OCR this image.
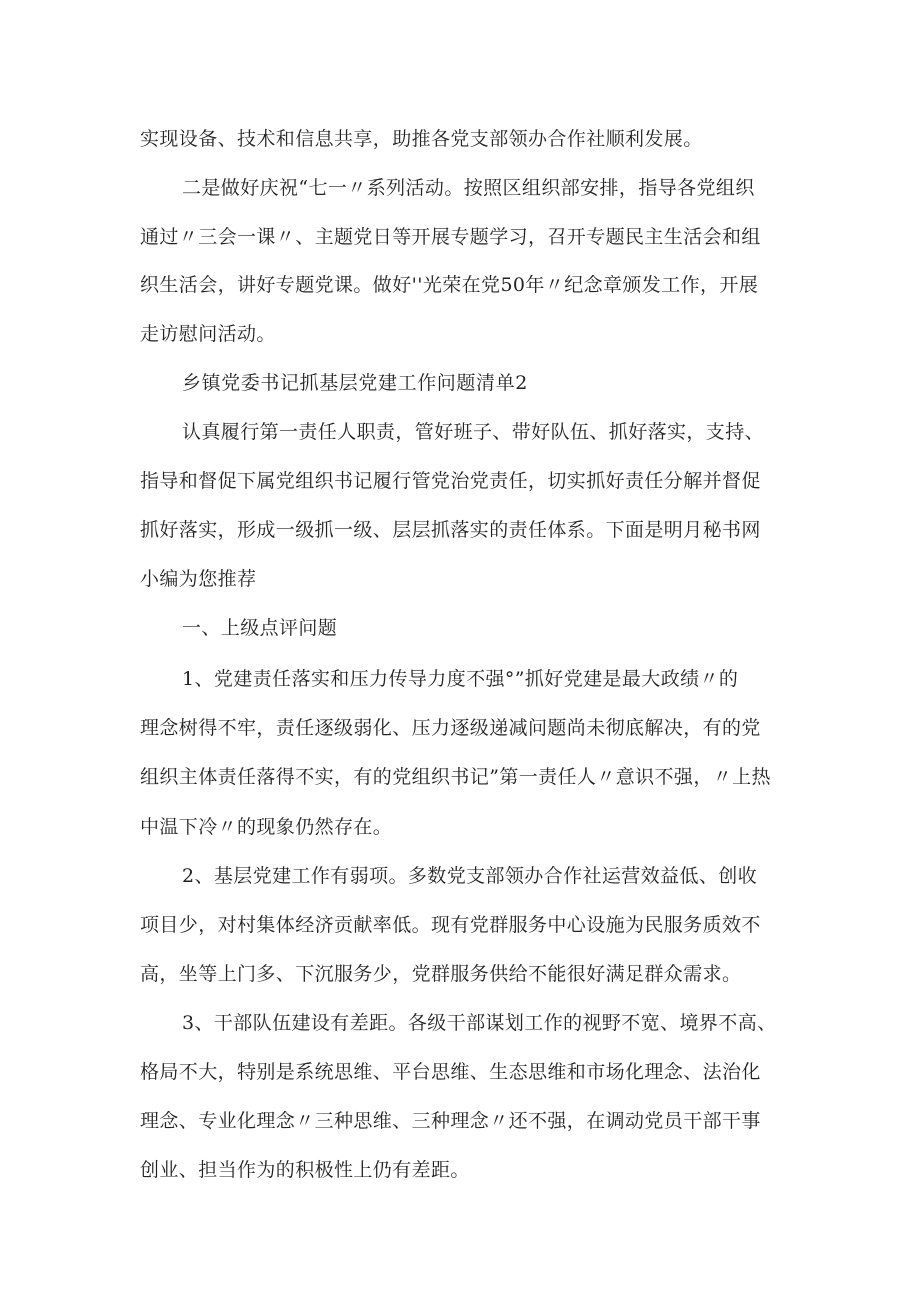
实现设备、技术和信息共享，助推各党支部领办合作社顺利发展。
二是做好庆祝“七一〃系列活动。按照区组织部安排，指导各党组织
通过〃三会一课〃、主题党日等开展专题学习，召开专题民主生活会和组
织生活会，讲好专题党课。做好''光荣在党50年〃纪念章颁发工作，开展
走访慰问活动。
乡镇党委书记抓基层党建工作问题清单2
认真履行第一责任人职责，管好班子、带好队伍、抓好落实，支持、
指导和督促下属党组织书记履行管党治党责任，切实抓好责任分解并督促
抓好落实，形成一级抓一级、层层抓落实的责任体系。下面是明月秘书网
小编为您推荐
一、上级点评问题
1、党建责任落实和压力传导力度不强°”抓好党建是最大政绩〃的
理念树得不牢，责任逐级弱化、压力逐级递减问题尚未彻底解决，有的党
组织主体责任落得不实，有的党组织书记”第一责任人〃意识不强，〃上热
中温下冷〃的现象仍然存在。
2、基层党建工作有弱项。多数党支部领办合作社运营效益低、创收
项目少，对村集体经济贡献率低。现有党群服务中心设施为民服务质效不
高，坐等上门多、下沉服务少，党群服务供给不能很好满足群众需求。
3、干部队伍建设有差距。各级干部谋划工作的视野不宽、境界不高、
格局不大，特别是系统思维、平台思维、生态思维和市场化理念、法治化
理念、专业化理念〃三种思维、三种理念〃还不强，在调动党员干部干事
创业、担当作为的积极性上仍有差距。
